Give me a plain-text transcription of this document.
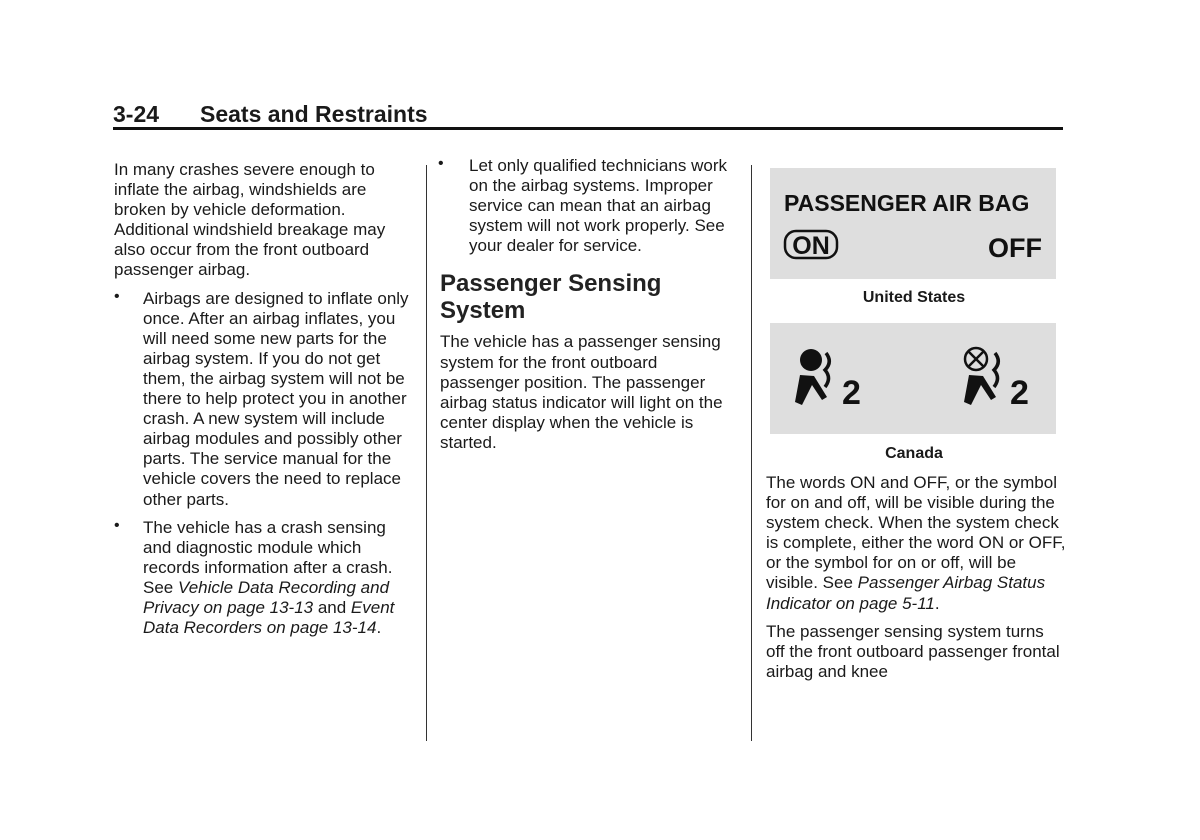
3-24 Seats and Restraints

In many crashes severe enough to inflate the airbag, windshields are broken by vehicle deformation. Additional windshield breakage may also occur from the front outboard passenger airbag.

• Airbags are designed to inflate only once. After an airbag inflates, you will need some new parts for the airbag system. If you do not get them, the airbag system will not be there to help protect you in another crash. A new system will include airbag modules and possibly other parts. The service manual for the vehicle covers the need to replace other parts.
• The vehicle has a crash sensing and diagnostic module which records information after a crash. See Vehicle Data Recording and Privacy on page 13-13 and Event Data Recorders on page 13-14.
• Let only qualified technicians work on the airbag systems. Improper service can mean that an airbag system will not work properly. See your dealer for service.
Passenger Sensing System

The vehicle has a passenger sensing system for the front outboard passenger position. The passenger airbag status indicator will light on the center display when the vehicle is started.

PASSENGER AIR BAG
ON	OFF
United States
2	2
Canada

The words ON and OFF, or the symbol for on and off, will be visible during the system check. When the system check is complete, either the word ON or OFF, or the symbol for on or off, will be visible. See Passenger Airbag Status Indicator on page 5-11.

The passenger sensing system turns off the front outboard passenger frontal airbag and knee
